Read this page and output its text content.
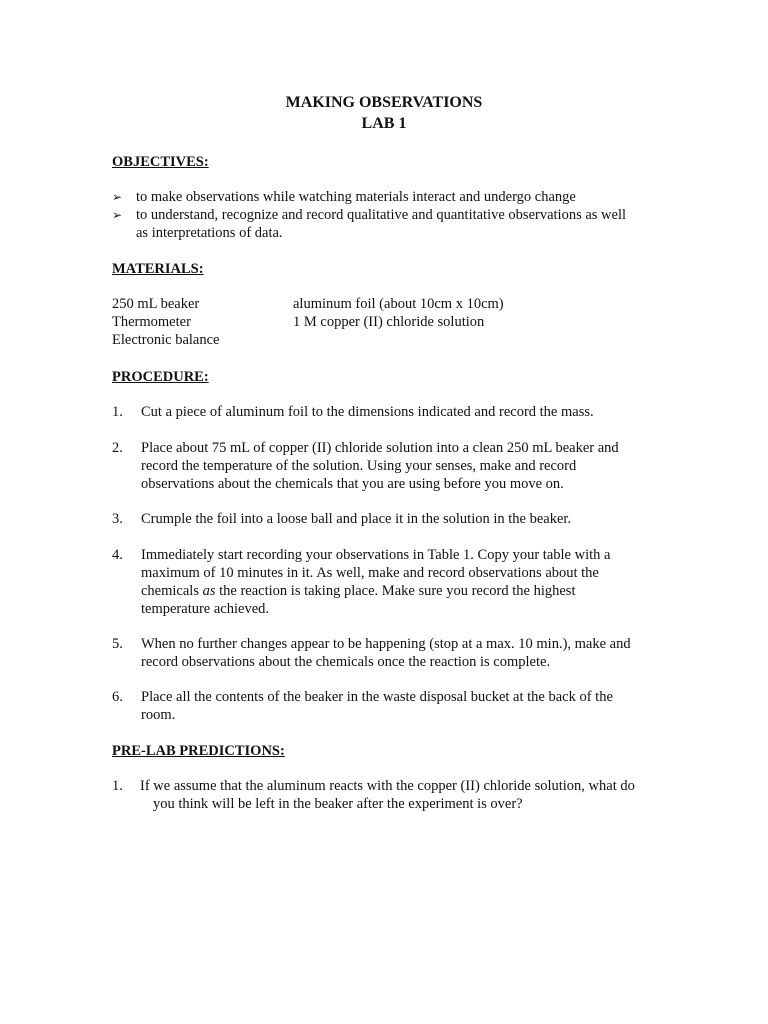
MAKING OBSERVATIONS
LAB 1
OBJECTIVES:
➢ to make observations while watching materials interact and undergo change
➢ to understand, recognize and record qualitative and quantitative observations as well
as interpretations of data.
MATERIALS:
250 mL beaker
Thermometer
Electronic balance
aluminum foil (about 10cm x 10cm)
1 M copper (II) chloride solution
PROCEDURE:
1. Cut a piece of aluminum foil to the dimensions indicated and record the mass.
2. Place about 75 mL of copper (II) chloride solution into a clean 250 mL beaker and
record the temperature of the solution. Using your senses, make and record
observations about the chemicals that you are using before you move on.
3. Crumple the foil into a loose ball and place it in the solution in the beaker.
4. Immediately start recording your observations in Table 1. Copy your table with a
maximum of 10 minutes in it. As well, make and record observations about the
chemicals as the reaction is taking place. Make sure you record the highest
temperature achieved.
5. When no further changes appear to be happening (stop at a max. 10 min.), make and
record observations about the chemicals once the reaction is complete.
6. Place all the contents of the beaker in the waste disposal bucket at the back of the
room.
PRE-LAB PREDICTIONS:
1. If we assume that the aluminum reacts with the copper (II) chloride solution, what do
you think will be left in the beaker after the experiment is over?
